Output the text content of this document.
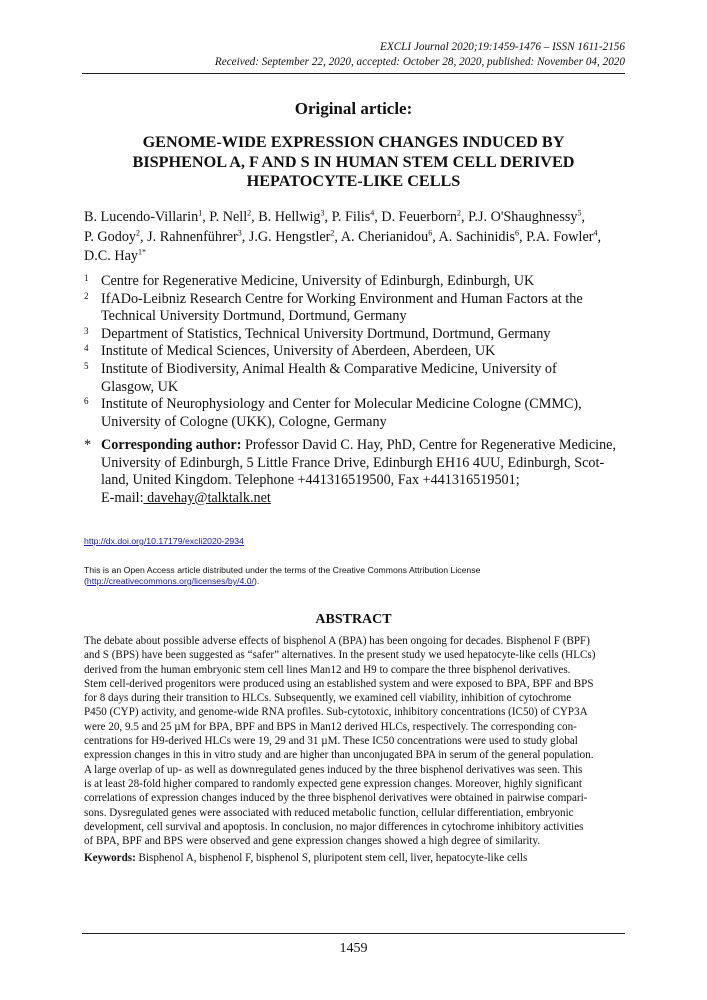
EXCLI Journal 2020;19:1459-1476 – ISSN 1611-2156
Received: September 22, 2020, accepted: October 28, 2020, published: November 04, 2020
Original article:
GENOME-WIDE EXPRESSION CHANGES INDUCED BY
BISPHENOL A, F AND S IN HUMAN STEM CELL DERIVED
HEPATOCYTE-LIKE CELLS
B. Lucendo-Villarin$^1$, P. Nell$^2$, B. Hellwig$^3$, P. Filis$^4$, D. Feuerborn$^2$, P.J. O'Shaughnessy$^5$,
P. Godoy$^2$, J. Rahnenführer$^3$, J.G. Hengstler$^2$, A. Cherianidou$^6$, A. Sachinidis$^6$, P.A. Fowler$^4$,
D.C. Hay$^{1*}$
1 Centre for Regenerative Medicine, University of Edinburgh, Edinburgh, UK
2 IfADo-Leibniz Research Centre for Working Environment and Human Factors at the
Technical University Dortmund, Dortmund, Germany
3 Department of Statistics, Technical University Dortmund, Dortmund, Germany
4 Institute of Medical Sciences, University of Aberdeen, Aberdeen, UK
5 Institute of Biodiversity, Animal Health & Comparative Medicine, University of
Glasgow, UK
6 Institute of Neurophysiology and Center for Molecular Medicine Cologne (CMMC),
University of Cologne (UKK), Cologne, Germany
* Corresponding author: Professor David C. Hay, PhD, Centre for Regenerative Medicine,
University of Edinburgh, 5 Little France Drive, Edinburgh EH16 4UU, Edinburgh, Scot-
land, United Kingdom. Telephone +441316519500, Fax +441316519501;
E-mail: davehay@talktalk.net
http://dx.doi.org/10.17179/excli2020-2934
This is an Open Access article distributed under the terms of the Creative Commons Attribution License
(http://creativecommons.org/licenses/by/4.0/).
ABSTRACT
The debate about possible adverse effects of bisphenol A (BPA) has been ongoing for decades. Bisphenol F (BPF)
and S (BPS) have been suggested as “safer” alternatives. In the present study we used hepatocyte-like cells (HLCs)
derived from the human embryonic stem cell lines Man12 and H9 to compare the three bisphenol derivatives.
Stem cell-derived progenitors were produced using an established system and were exposed to BPA, BPF and BPS
for 8 days during their transition to HLCs. Subsequently, we examined cell viability, inhibition of cytochrome
P450 (CYP) activity, and genome-wide RNA profiles. Sub-cytotoxic, inhibitory concentrations (IC50) of CYP3A
were 20, 9.5 and 25 µM for BPA, BPF and BPS in Man12 derived HLCs, respectively. The corresponding con-
centrations for H9-derived HLCs were 19, 29 and 31 µM. These IC50 concentrations were used to study global
expression changes in this in vitro study and are higher than unconjugated BPA in serum of the general population.
A large overlap of up- as well as downregulated genes induced by the three bisphenol derivatives was seen. This
is at least 28-fold higher compared to randomly expected gene expression changes. Moreover, highly significant
correlations of expression changes induced by the three bisphenol derivatives were obtained in pairwise compari-
sons. Dysregulated genes were associated with reduced metabolic function, cellular differentiation, embryonic
development, cell survival and apoptosis. In conclusion, no major differences in cytochrome inhibitory activities
of BPA, BPF and BPS were observed and gene expression changes showed a high degree of similarity.
Keywords: Bisphenol A, bisphenol F, bisphenol S, pluripotent stem cell, liver, hepatocyte-like cells
1459
